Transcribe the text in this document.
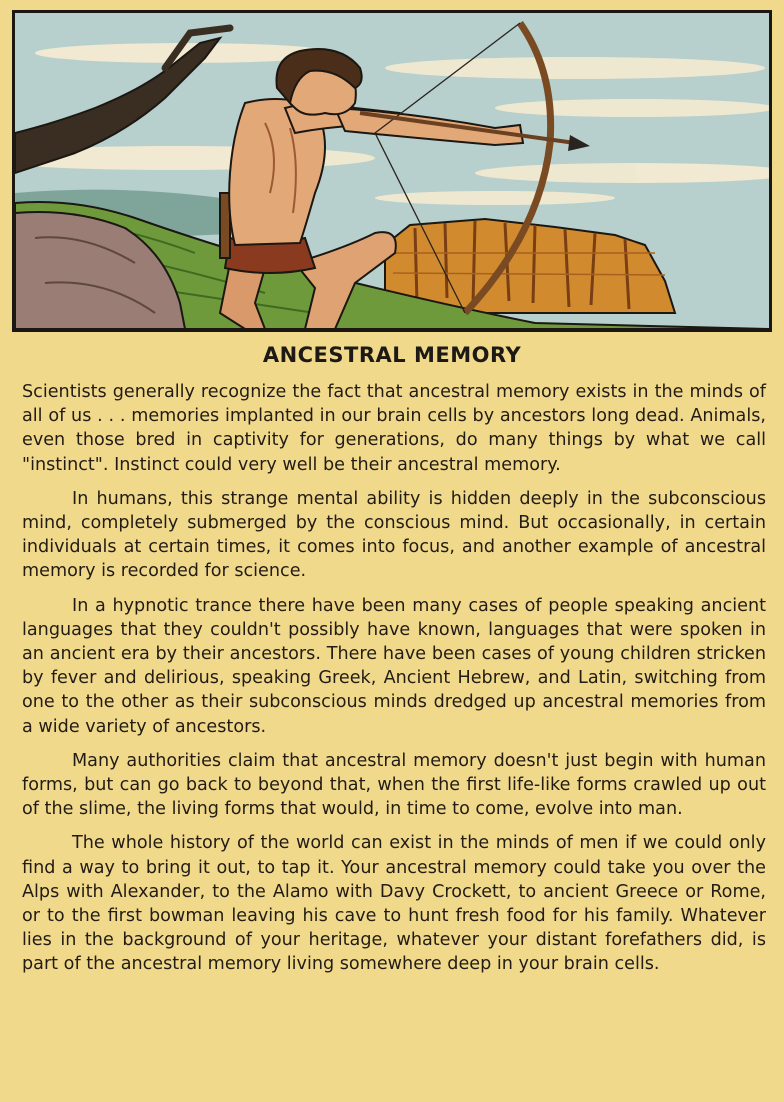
ANCESTRAL MEMORY

Scientists generally recognize the fact that ancestral memory exists in the minds of all of us . . . memories implanted in our brain cells by ancestors long dead. Animals, even those bred in captivity for generations, do many things by what we call "instinct". Instinct could very well be their ancestral memory.

In humans, this strange mental ability is hidden deeply in the subconscious mind, completely submerged by the conscious mind. But occasionally, in certain individuals at certain times, it comes into focus, and another example of ancestral memory is recorded for science.

In a hypnotic trance there have been many cases of people speaking ancient languages that they couldn't possibly have known, languages that were spoken in an ancient era by their ancestors. There have been cases of young children stricken by fever and delirious, speaking Greek, Ancient Hebrew, and Latin, switching from one to the other as their subconscious minds dredged up ancestral memories from a wide variety of ancestors.

Many authorities claim that ancestral memory doesn't just begin with human forms, but can go back to beyond that, when the first life-like forms crawled up out of the slime, the living forms that would, in time to come, evolve into man.

The whole history of the world can exist in the minds of men if we could only find a way to bring it out, to tap it. Your ancestral memory could take you over the Alps with Alexander, to the Alamo with Davy Crockett, to ancient Greece or Rome, or to the first bowman leaving his cave to hunt fresh food for his family. Whatever lies in the background of your heritage, whatever your distant forefathers did, is part of the ancestral memory living somewhere deep in your brain cells.
